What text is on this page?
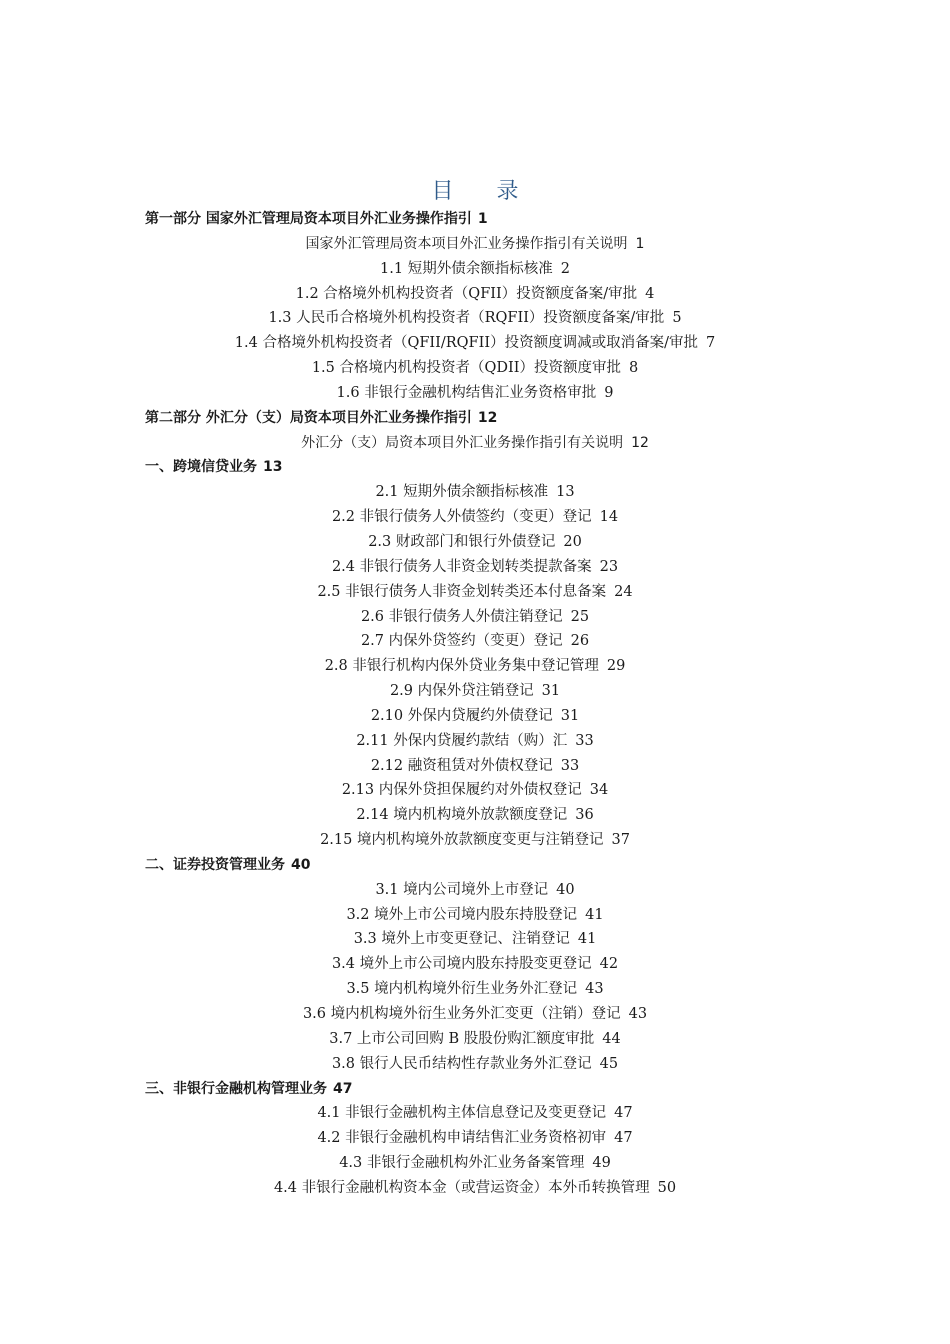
目 录
第一部分 国家外汇管理局资本项目外汇业务操作指引 1
国家外汇管理局资本项目外汇业务操作指引有关说明 1
1.1 短期外债余额指标核准 2
1.2 合格境外机构投资者（QFII）投资额度备案/审批 4
1.3 人民币合格境外机构投资者（RQFII）投资额度备案/审批 5
1.4 合格境外机构投资者（QFII/RQFII）投资额度调减或取消备案/审批 7
1.5 合格境内机构投资者（QDII）投资额度审批 8
1.6 非银行金融机构结售汇业务资格审批 9
第二部分 外汇分（支）局资本项目外汇业务操作指引 12
外汇分（支）局资本项目外汇业务操作指引有关说明 12
一、跨境信贷业务 13
2.1 短期外债余额指标核准 13
2.2 非银行债务人外债签约（变更）登记 14
2.3 财政部门和银行外债登记 20
2.4 非银行债务人非资金划转类提款备案 23
2.5 非银行债务人非资金划转类还本付息备案 24
2.6 非银行债务人外债注销登记 25
2.7 内保外贷签约（变更）登记 26
2.8 非银行机构内保外贷业务集中登记管理 29
2.9 内保外贷注销登记 31
2.10 外保内贷履约外债登记 31
2.11 外保内贷履约款结（购）汇 33
2.12 融资租赁对外债权登记 33
2.13 内保外贷担保履约对外债权登记 34
2.14 境内机构境外放款额度登记 36
2.15 境内机构境外放款额度变更与注销登记 37
二、证券投资管理业务 40
3.1 境内公司境外上市登记 40
3.2 境外上市公司境内股东持股登记 41
3.3 境外上市变更登记、注销登记 41
3.4 境外上市公司境内股东持股变更登记 42
3.5 境内机构境外衍生业务外汇登记 43
3.6 境内机构境外衍生业务外汇变更（注销）登记 43
3.7 上市公司回购 B 股股份购汇额度审批 44
3.8 银行人民币结构性存款业务外汇登记 45
三、非银行金融机构管理业务 47
4.1 非银行金融机构主体信息登记及变更登记 47
4.2 非银行金融机构申请结售汇业务资格初审 47
4.3 非银行金融机构外汇业务备案管理 49
4.4 非银行金融机构资本金（或营运资金）本外币转换管理 50
